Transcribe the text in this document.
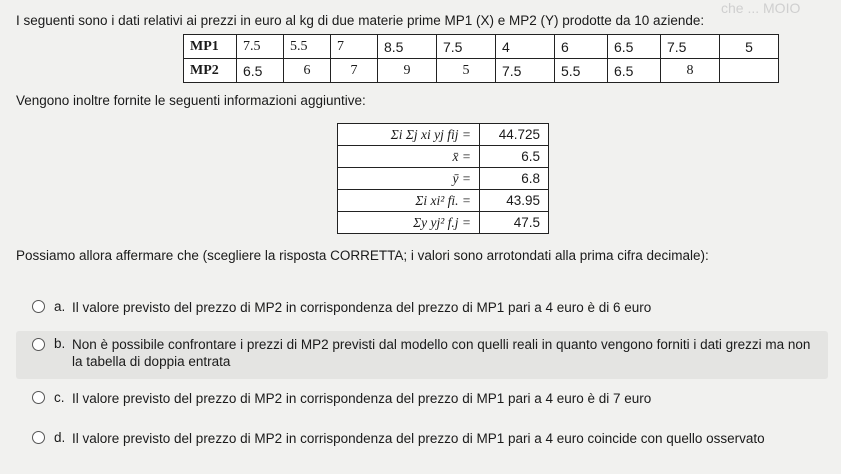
che ... MOIO
I seguenti sono i dati relativi ai prezzi in euro al kg di due materie prime MP1 (X) e MP2 (Y) prodotte da 10 aziende:
MP1	7.5	5.5	7	8.5	7.5	4	6	6.5	7.5	5
MP2	6.5	6	7	9	5	7.5	5.5	6.5	8	
Vengono inoltre fornite le seguenti informazioni aggiuntive:
Σi Σj xi yj fij =	44.725
x̄ =	6.5
ȳ =	6.8
Σi xi² fi. =	43.95
Σy yj² f.j =	47.5
Possiamo allora affermare che (scegliere la risposta CORRETTA; i valori sono arrotondati alla prima cifra decimale):
a. Il valore previsto del prezzo di MP2 in corrispondenza del prezzo di MP1 pari a 4 euro è di 6 euro
b. Non è possibile confrontare i prezzi di MP2 previsti dal modello con quelli reali in quanto vengono forniti i dati grezzi ma non la tabella di doppia entrata
c. Il valore previsto del prezzo di MP2 in corrispondenza del prezzo di MP1 pari a 4 euro è di 7 euro
d. Il valore previsto del prezzo di MP2 in corrispondenza del prezzo di MP1 pari a 4 euro coincide con quello osservato
